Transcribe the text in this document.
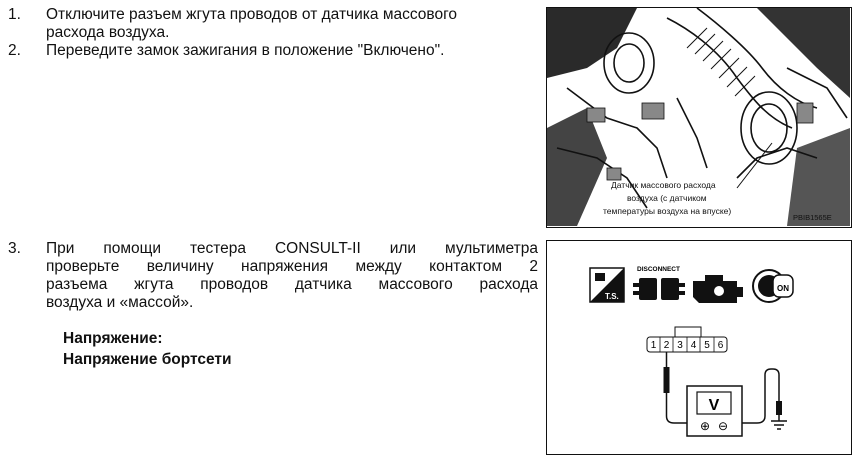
1. Отключите разъем жгута проводов от датчика массового
расхода воздуха.
2. Переведите замок зажигания в положение "Включено".
3. При помощи тестера CONSULT-II или мультиметра
проверьте величину напряжения между контактом 2
разъема жгута проводов датчика массового расхода
воздуха и «массой».
Напряжение:
Напряжение бортсети
Датчик массового расхода
воздуха (с датчиком
температуры воздуха на впуске)
PBIB1565E
T.S.
DISCONNECT
ON
1 2 3 4 5 6
V
⊕ ⊖
